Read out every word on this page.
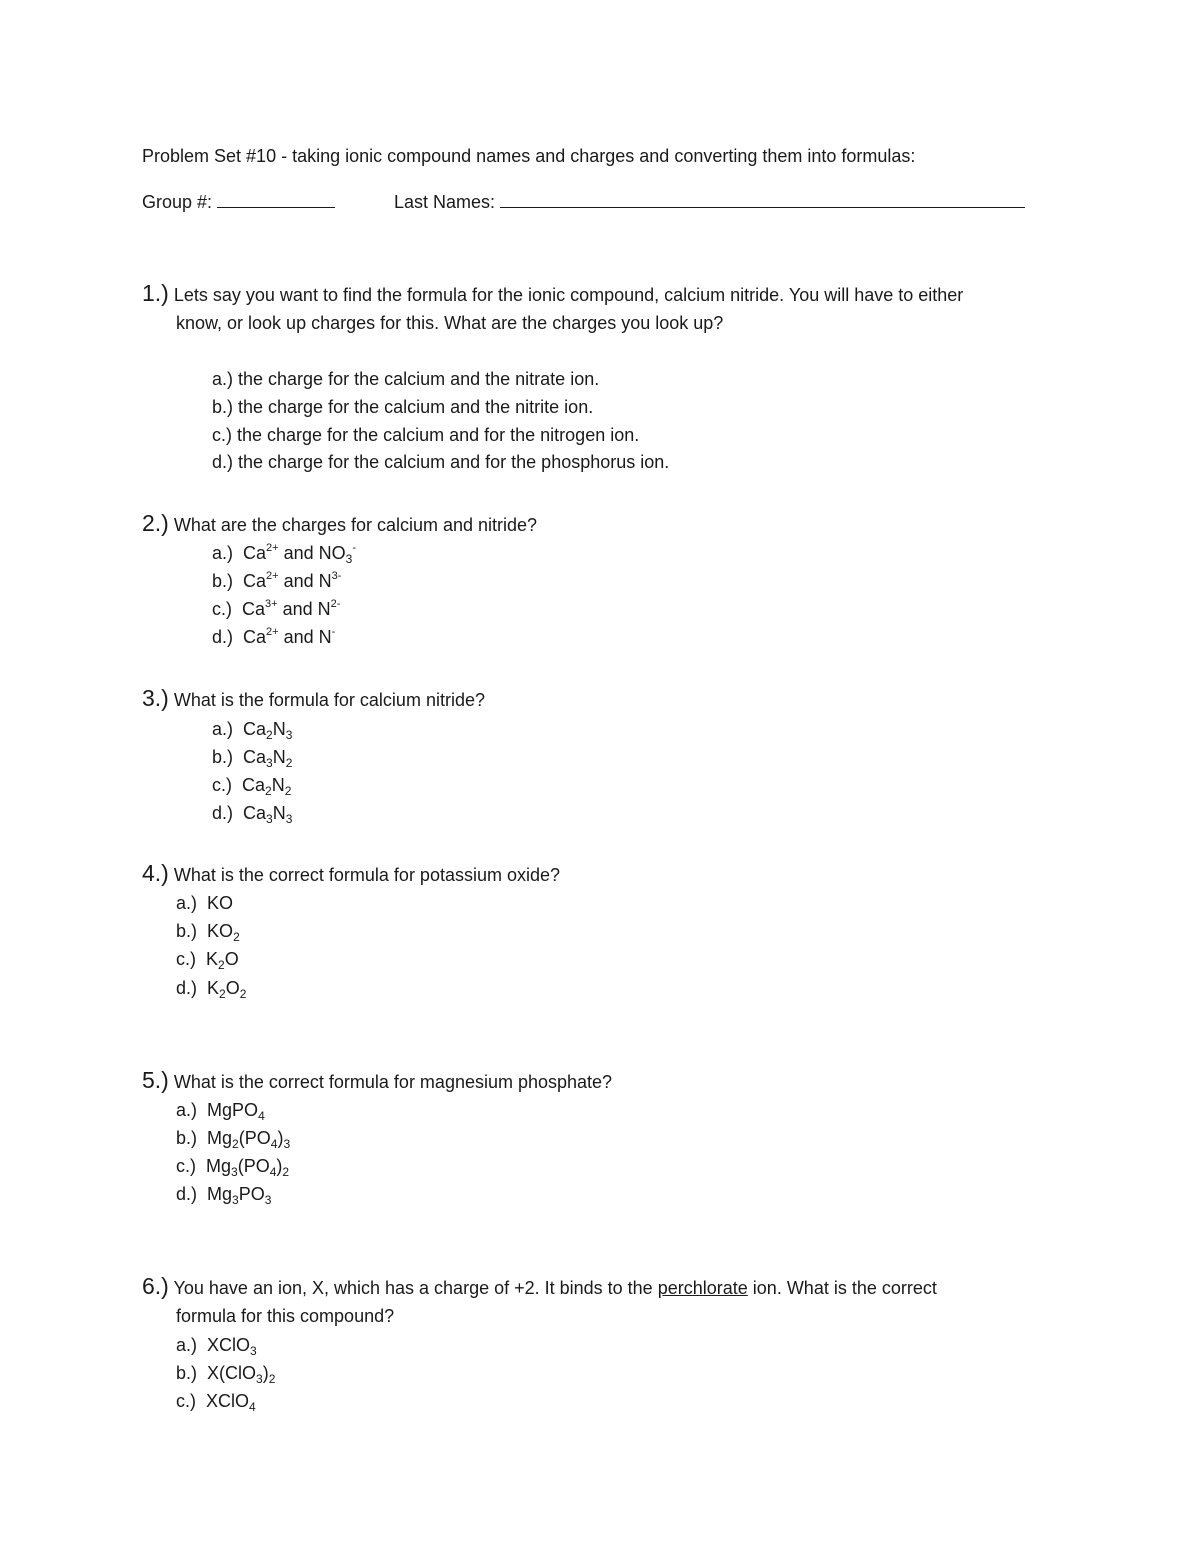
Problem Set #10 - taking ionic compound names and charges and converting them into formulas:
Group #:	Last Names:
1.) Lets say you want to find the formula for the ionic compound, calcium nitride. You will have to either
know, or look up charges for this. What are the charges you look up?
a.) the charge for the calcium and the nitrate ion.
b.) the charge for the calcium and the nitrite ion.
c.) the charge for the calcium and for the nitrogen ion.
d.) the charge for the calcium and for the phosphorus ion.
2.) What are the charges for calcium and nitride?
a.) $Ca^{2+}$ and $NO_3^-$
b.) $Ca^{2+}$ and $N^{3-}$
c.) $Ca^{3+}$ and $N^{2-}$
d.) $Ca^{2+}$ and N-
3.) What is the formula for calcium nitride?
a.) $Ca_2N_3$
b.) $Ca_3N_2$
c.) $Ca_2N_2$
d.) $Ca_3N_3$
4.) What is the correct formula for potassium oxide?
a.) KO
b.) $KO_2$
c.) $K_2O$
d.) $K_2O_2$
5.) What is the correct formula for magnesium phosphate?
a.) MgPO$_4$
b.) $Mg_2(PO_4)_3$
c.) $Mg_3(PO_4)_2$
d.) $Mg_3PO_3$
6.) You have an ion, X, which has a charge of +2. It binds to the perchlorate ion. What is the correct
formula for this compound?
a.) XClO$_3$
b.) $X(ClO_3)_2$
c.) XClO$_4$
